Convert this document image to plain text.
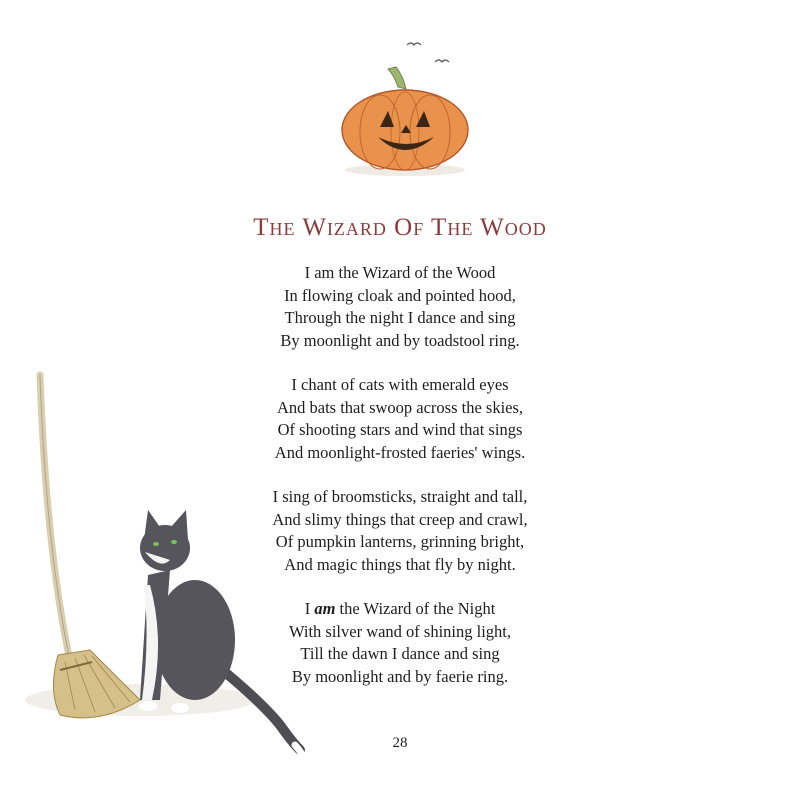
The Wizard Of The Wood
I am the Wizard of the Wood
In flowing cloak and pointed hood,
Through the night I dance and sing
By moonlight and by toadstool ring.
I chant of cats with emerald eyes
And bats that swoop across the skies,
Of shooting stars and wind that sings
And moonlight-frosted faeries' wings.
I sing of broomsticks, straight and tall,
And slimy things that creep and crawl,
Of pumpkin lanterns, grinning bright,
And magic things that fly by night.
I am the Wizard of the Night
With silver wand of shining light,
Till the dawn I dance and sing
By moonlight and by faerie ring.
28
